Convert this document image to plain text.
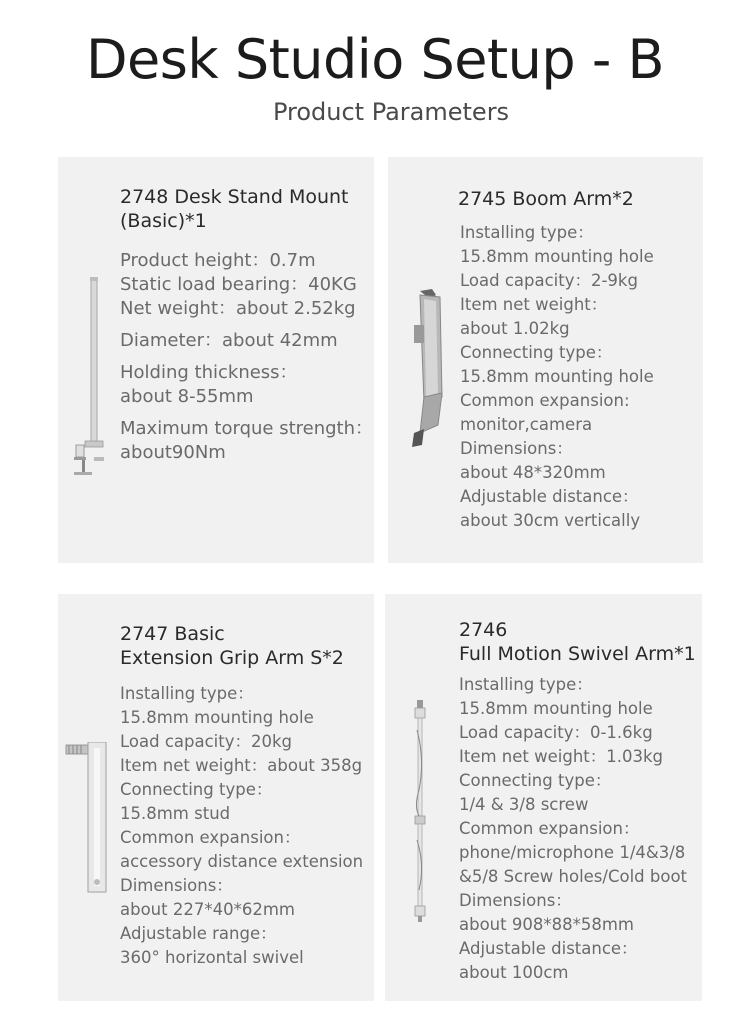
Desk Studio Setup - B
Product Parameters
2748 Desk Stand Mount
(Basic)*1
Product height：0.7m
Static load bearing：40KG
Net weight：about 2.52kg
Diameter：about 42mm
Holding thickness：
about 8-55mm
Maximum torque strength：
about90Nm
2745 Boom Arm*2
Installing type：
15.8mm mounting hole
Load capacity：2-9kg
Item net weight：
about 1.02kg
Connecting type：
15.8mm mounting hole
Common expansion:
monitor,camera
Dimensions：
about 48*320mm
Adjustable distance：
about 30cm vertically
2747 Basic
Extension Grip Arm S*2
Installing type：
15.8mm mounting hole
Load capacity：20kg
Item net weight：about 358g
Connecting type：
15.8mm stud
Common expansion：
accessory distance extension
Dimensions：
about 227*40*62mm
Adjustable range：
360° horizontal swivel
2746
Full Motion Swivel Arm*1
Installing type：
15.8mm mounting hole
Load capacity：0-1.6kg
Item net weight：1.03kg
Connecting type：
1/4 & 3/8 screw
Common expansion：
phone/microphone 1/4&3/8
&5/8 Screw holes/Cold boot
Dimensions：
about 908*88*58mm
Adjustable distance：
about 100cm
